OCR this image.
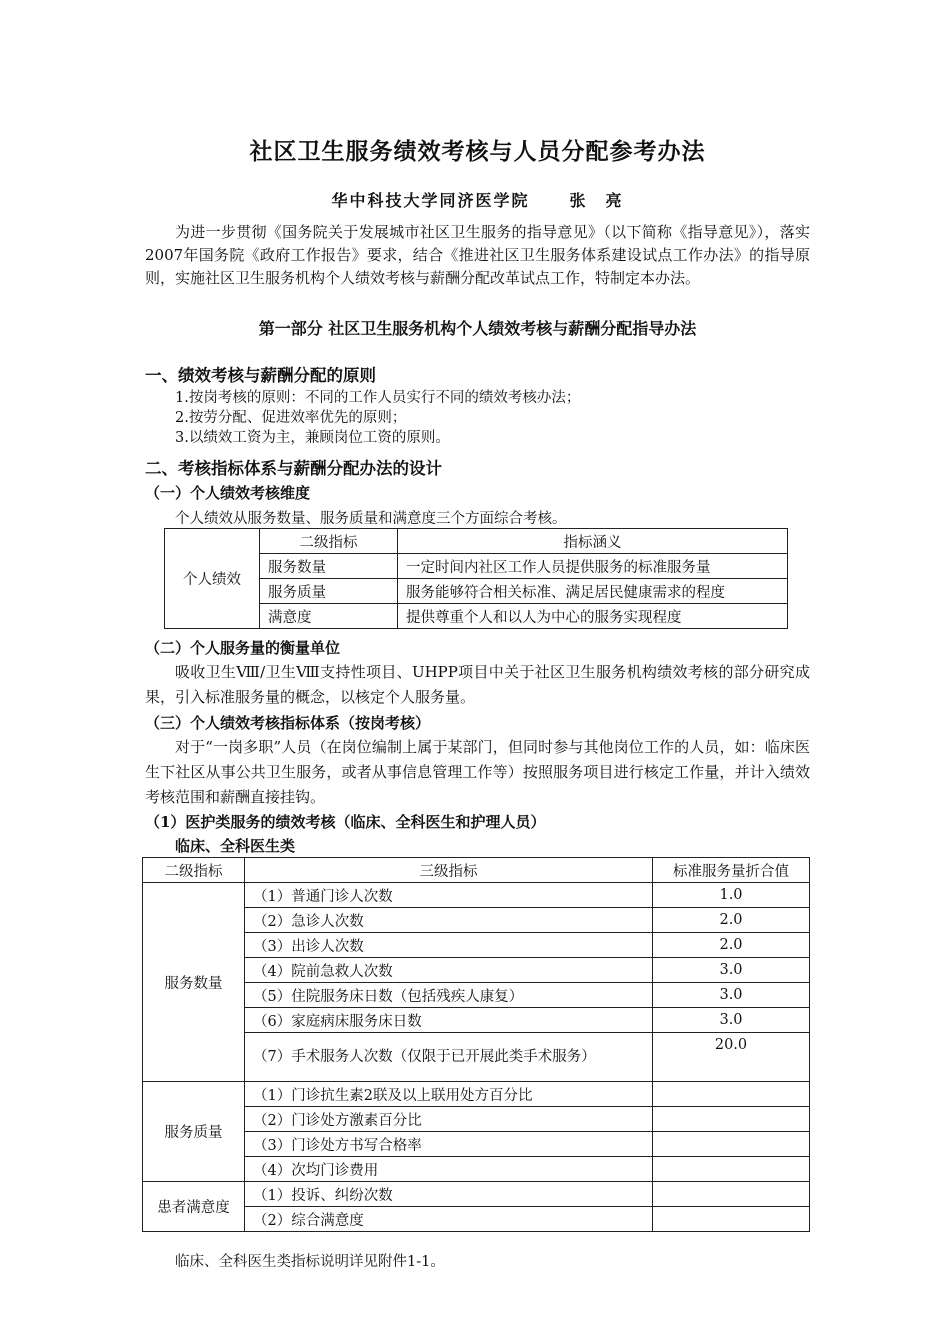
社区卫生服务绩效考核与人员分配参考办法
华中科技大学同济医学院	张　亮
为进一步贯彻《国务院关于发展城市社区卫生服务的指导意见》（以下简称《指导意见》），落实2007年国务院《政府工作报告》要求，结合《推进社区卫生服务体系建设试点工作办法》的指导原则，实施社区卫生服务机构个人绩效考核与薪酬分配改革试点工作，特制定本办法。
第一部分 社区卫生服务机构个人绩效考核与薪酬分配指导办法
一、绩效考核与薪酬分配的原则
1.按岗考核的原则：不同的工作人员实行不同的绩效考核办法；
2.按劳分配、促进效率优先的原则；
3.以绩效工资为主，兼顾岗位工资的原则。
二、考核指标体系与薪酬分配办法的设计
（一）个人绩效考核维度
个人绩效从服务数量、服务质量和满意度三个方面综合考核。
个人绩效	二级指标	指标涵义
	服务数量	一定时间内社区工作人员提供服务的标准服务量
	服务质量	服务能够符合相关标准、满足居民健康需求的程度
	满意度	提供尊重个人和以人为中心的服务实现程度
（二）个人服务量的衡量单位
吸收卫生Ⅷ/卫生Ⅷ支持性项目、UHPP项目中关于社区卫生服务机构绩效考核的部分研究成果，引入标准服务量的概念，以核定个人服务量。
（三）个人绩效考核指标体系（按岗考核）
对于“一岗多职”人员（在岗位编制上属于某部门，但同时参与其他岗位工作的人员，如：临床医生下社区从事公共卫生服务，或者从事信息管理工作等）按照服务项目进行核定工作量，并计入绩效考核范围和薪酬直接挂钩。
（1）医护类服务的绩效考核（临床、全科医生和护理人员）
临床、全科医生类
二级指标	三级指标	标准服务量折合值
服务数量	（1）普通门诊人次数	1.0
	（2）急诊人次数	2.0
	（3）出诊人次数	2.0
	（4）院前急救人次数	3.0
	（5）住院服务床日数（包括残疾人康复）	3.0
	（6）家庭病床服务床日数	3.0
	（7）手术服务人次数（仅限于已开展此类手术服务）	20.0
服务质量	（1）门诊抗生素2联及以上联用处方百分比	
	（2）门诊处方激素百分比	
	（3）门诊处方书写合格率	
	（4）次均门诊费用	
患者满意度	（1）投诉、纠纷次数	
	（2）综合满意度	
临床、全科医生类指标说明详见附件1-1。
